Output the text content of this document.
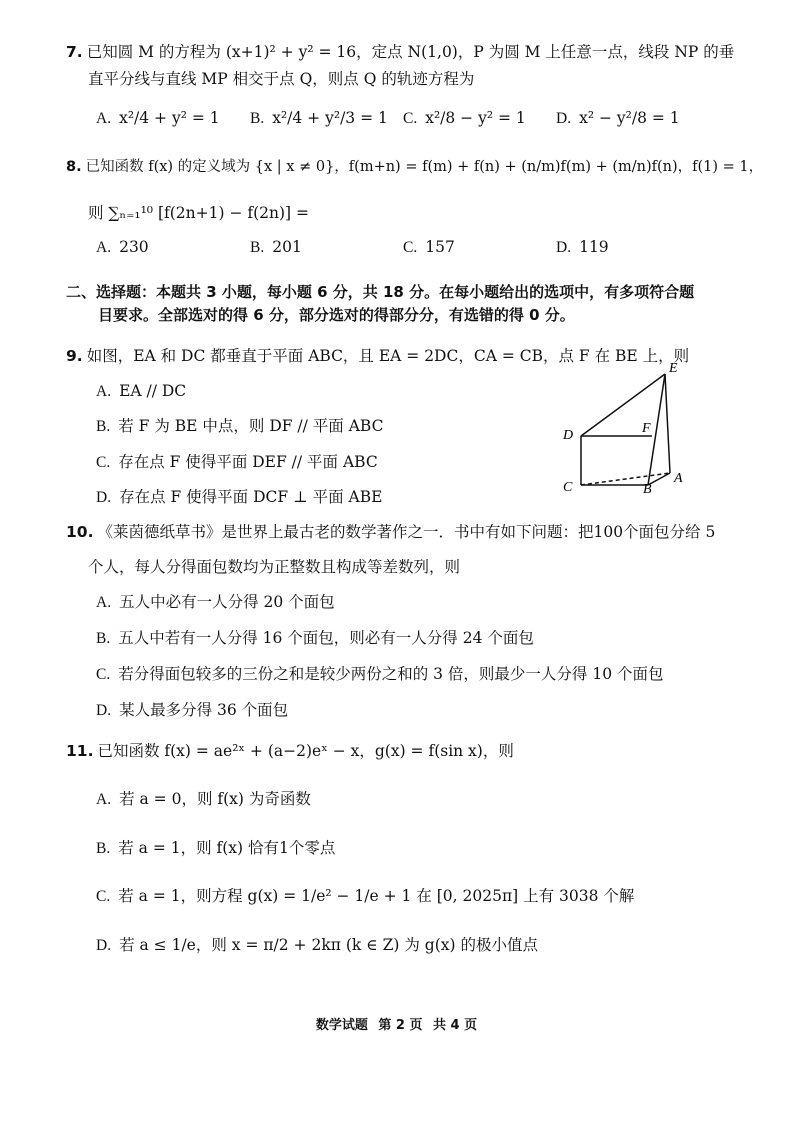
7. 已知圆 M 的方程为 (x+1)² + y² = 16，定点 N(1,0)，P 为圆 M 上任意一点，线段 NP 的垂
直平分线与直线 MP 相交于点 Q，则点 Q 的轨迹方程为
A. x²/4 + y² = 1 B. x²/4 + y²/3 = 1 C. x²/8 − y² = 1 D. x² − y²/8 = 1
8. 已知函数 f(x) 的定义域为 {x | x ≠ 0}，f(m+n) = f(m) + f(n) + (n/m)f(m) + (m/n)f(n)，f(1) = 1，
则 ∑ₙ₌₁¹⁰ [f(2n+1) − f(2n)] =
A. 230	B. 201	C. 157	D. 119
二、选择题：本题共 3 小题，每小题 6 分，共 18 分。在每小题给出的选项中，有多项符合题
目要求。全部选对的得 6 分，部分选对的得部分分，有选错的得 0 分。
9. 如图，EA 和 DC 都垂直于平面 ABC，且 EA = 2DC，CA = CB，点 F 在 BE 上，则
A. EA // DC
B. 若 F 为 BE 中点，则 DF // 平面 ABC
C. 存在点 F 使得平面 DEF // 平面 ABC
D. 存在点 F 使得平面 DCF ⊥ 平面 ABE
E
D	F
C
A
B
10. 《莱茵德纸草书》是世界上最古老的数学著作之一．书中有如下问题：把100个面包分给 5
个人，每人分得面包数均为正整数且构成等差数列，则
A. 五人中必有一人分得 20 个面包
B. 五人中若有一人分得 16 个面包，则必有一人分得 24 个面包
C. 若分得面包较多的三份之和是较少两份之和的 3 倍，则最少一人分得 10 个面包
D. 某人最多分得 36 个面包
11. 已知函数 f(x) = ae²ˣ + (a−2)eˣ − x，g(x) = f(sin x)，则
A. 若 a = 0，则 f(x) 为奇函数
B. 若 a = 1，则 f(x) 恰有1个零点
C. 若 a = 1，则方程 g(x) = 1/e² − 1/e + 1 在 [0, 2025π] 上有 3038 个解
D. 若 a ≤ 1/e，则 x = π/2 + 2kπ (k ∈ Z) 为 g(x) 的极小值点
数学试题 第 2 页 共 4 页
